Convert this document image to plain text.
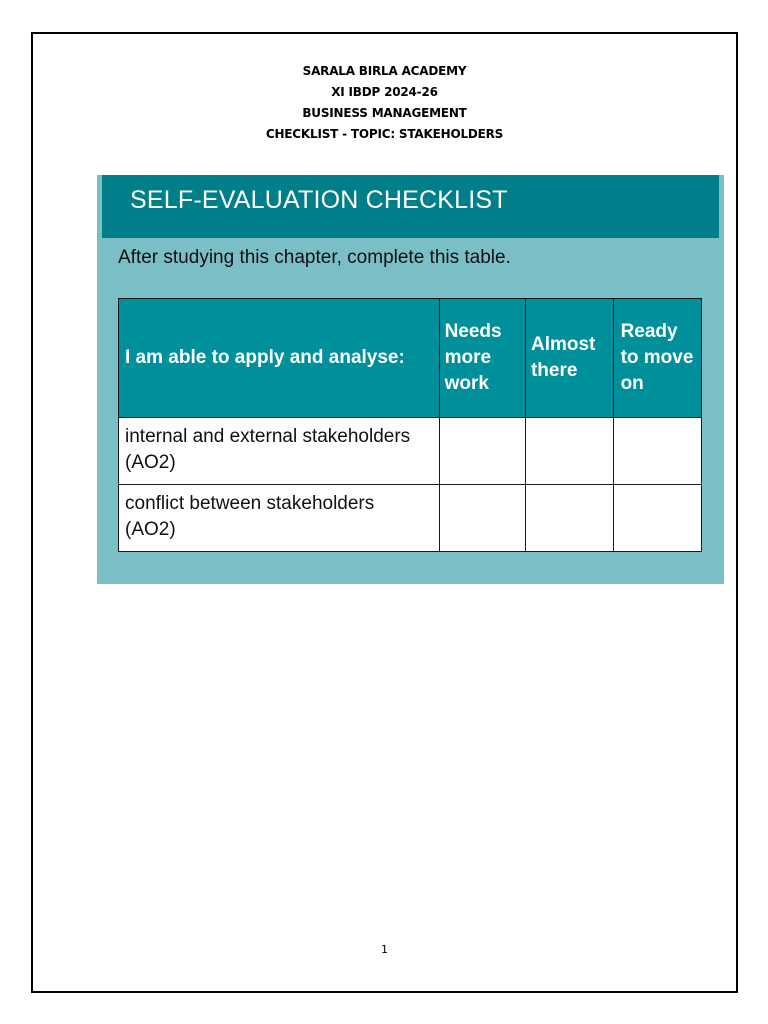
SARALA BIRLA ACADEMY
XI IBDP 2024-26
BUSINESS MANAGEMENT
CHECKLIST - TOPIC: STAKEHOLDERS
SELF-EVALUATION CHECKLIST
After studying this chapter, complete this table.
I am able to apply and analyse:	Needs more work	Almost there	Ready to move on

internal and external stakeholders (AO2)			

conflict between stakeholders (AO2)			

1
